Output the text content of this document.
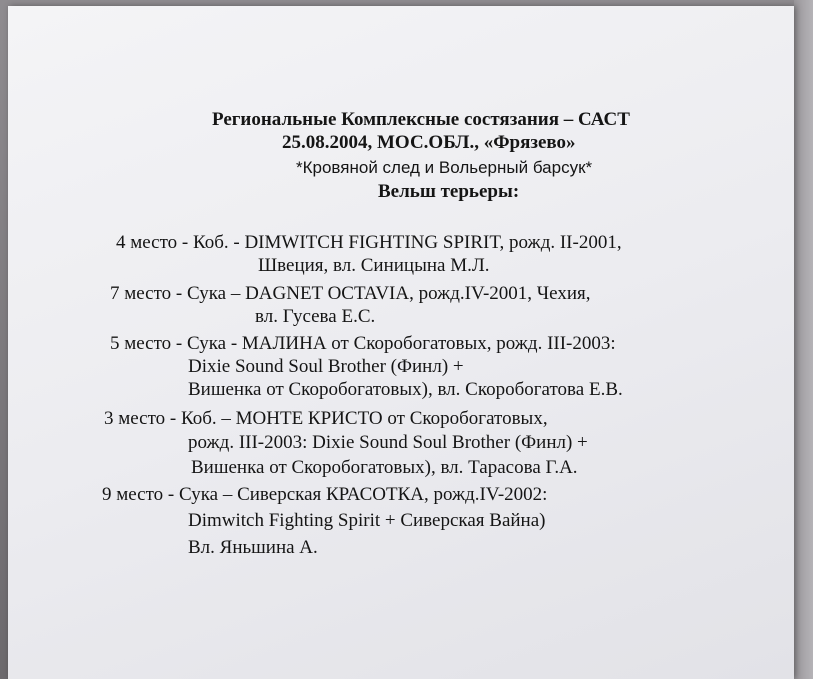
Региональные Комплексные состязания – САСТ
25.08.2004, МОС.ОБЛ., «Фрязево»
*Кровяной след и Вольерный барсук*
Вельш терьеры:
4 место - Коб. - DIMWITCH FIGHTING SPIRIT, рожд. II-2001,
Швеция, вл. Синицына М.Л.
7 место - Сука – DAGNET OCTAVIA, рожд.IV-2001, Чехия,
вл. Гусева Е.С.
5 место - Сука - МАЛИНА от Скоробогатовых, рожд. III-2003:
Dixie Sound Soul Brother (Финл) +
Вишенка от Скоробогатовых), вл. Скоробогатова Е.В.
3 место - Коб. – МОНТЕ КРИСТО от Скоробогатовых,
рожд. III-2003: Dixie Sound Soul Brother (Финл) +
Вишенка от Скоробогатовых), вл. Тарасова Г.А.
9 место - Сука – Сиверская КРАСОТКА, рожд.IV-2002:
Dimwitch Fighting Spirit + Сиверская Вайна)
Вл. Яньшина А.
